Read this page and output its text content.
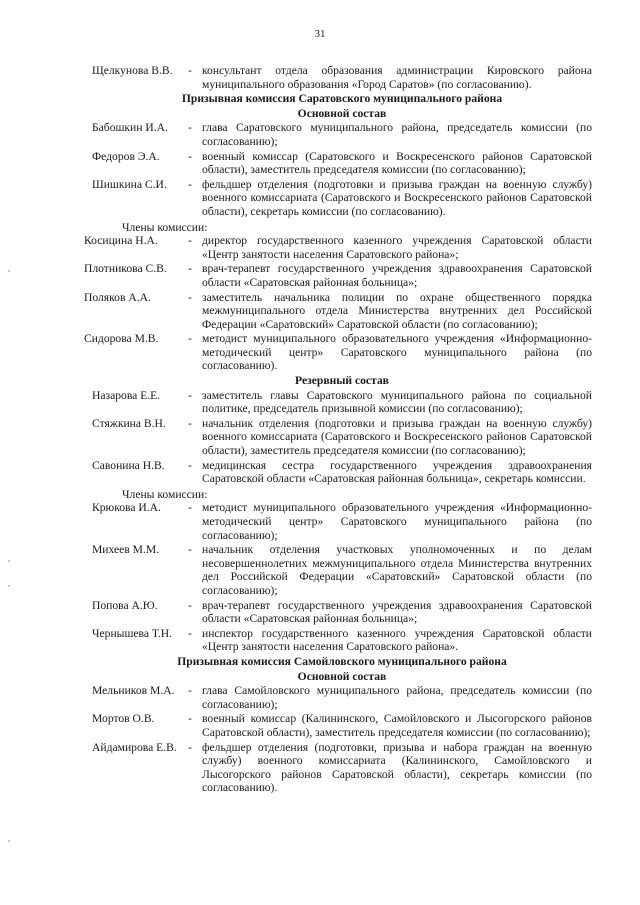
31
Щелкунова В.В.	- консультант отдела образования администрации Кировского района муниципального образования «Город Саратов» (по согласованию).
Призывная комиссия Саратовского муниципального района
Основной состав
Бабошкин И.А.	- глава Саратовского муниципального района, председатель комиссии (по согласованию);
Федоров Э.А.	- военный комиссар (Саратовского и Воскресенского районов Саратовской области), заместитель председателя комиссии (по согласованию);
Шишкина С.И.	- фельдшер отделения (подготовки и призыва граждан на военную службу) военного комиссариата (Саратовского и Воскресенского районов Саратовской области), секретарь комиссии (по согласованию).
Члены комиссии:
Косицина Н.А.	- директор государственного казенного учреждения Саратовской области «Центр занятости населения Саратовского района»;
Плотникова С.В.	- врач-терапевт государственного учреждения здравоохранения Саратовской области «Саратовская районная больница»;
Поляков А.А.	- заместитель начальника полиции по охране общественного порядка межмуниципального отдела Министерства внутренних дел Российской Федерации «Саратовский» Саратовской области (по согласованию);
Сидорова М.В.	- методист муниципального образовательного учреждения «Информационно-методический центр» Саратовского муниципального района (по согласованию).
Резервный состав
Назарова Е.Е.	- заместитель главы Саратовского муниципального района по социальной политике, председатель призывной комиссии (по согласованию);
Стяжкина В.Н.	- начальник отделения (подготовки и призыва граждан на военную службу) военного комиссариата (Саратовского и Воскресенского районов Саратовской области), заместитель председателя комиссии (по согласованию);
Савонина Н.В.	- медицинская сестра государственного учреждения здравоохранения Саратовской области «Саратовская районная больница», секретарь комиссии.
Члены комиссии:
Крюкова И.А.	- методист муниципального образовательного учреждения «Информационно-методический центр» Саратовского муниципального района (по согласованию);
Михеев М.М.	- начальник отделения участковых уполномоченных и по делам несовершеннолетних межмуниципального отдела Министерства внутренних дел Российской Федерации «Саратовский» Саратовской области (по согласованию);
Попова А.Ю.	- врач-терапевт государственного учреждения здравоохранения Саратовской области «Саратовская районная больница»;
Чернышева Т.Н.	- инспектор государственного казенного учреждения Саратовской области «Центр занятости населения Саратовского района».
Призывная комиссия Самойловского муниципального района
Основной состав
Мельников М.А.	- глава Самойловского муниципального района, председатель комиссии (по согласованию);
Мортов О.В.	- военный комиссар (Калининского, Самойловского и Лысогорского районов Саратовской области), заместитель председателя комиссии (по согласованию);
Айдамирова Е.В. - фельдшер отделения (подготовки, призыва и набора граждан на военную службу) военного комиссариата (Калининского, Самойловского и Лысогорского районов Саратовской области), секретарь комиссии (по согласованию).
